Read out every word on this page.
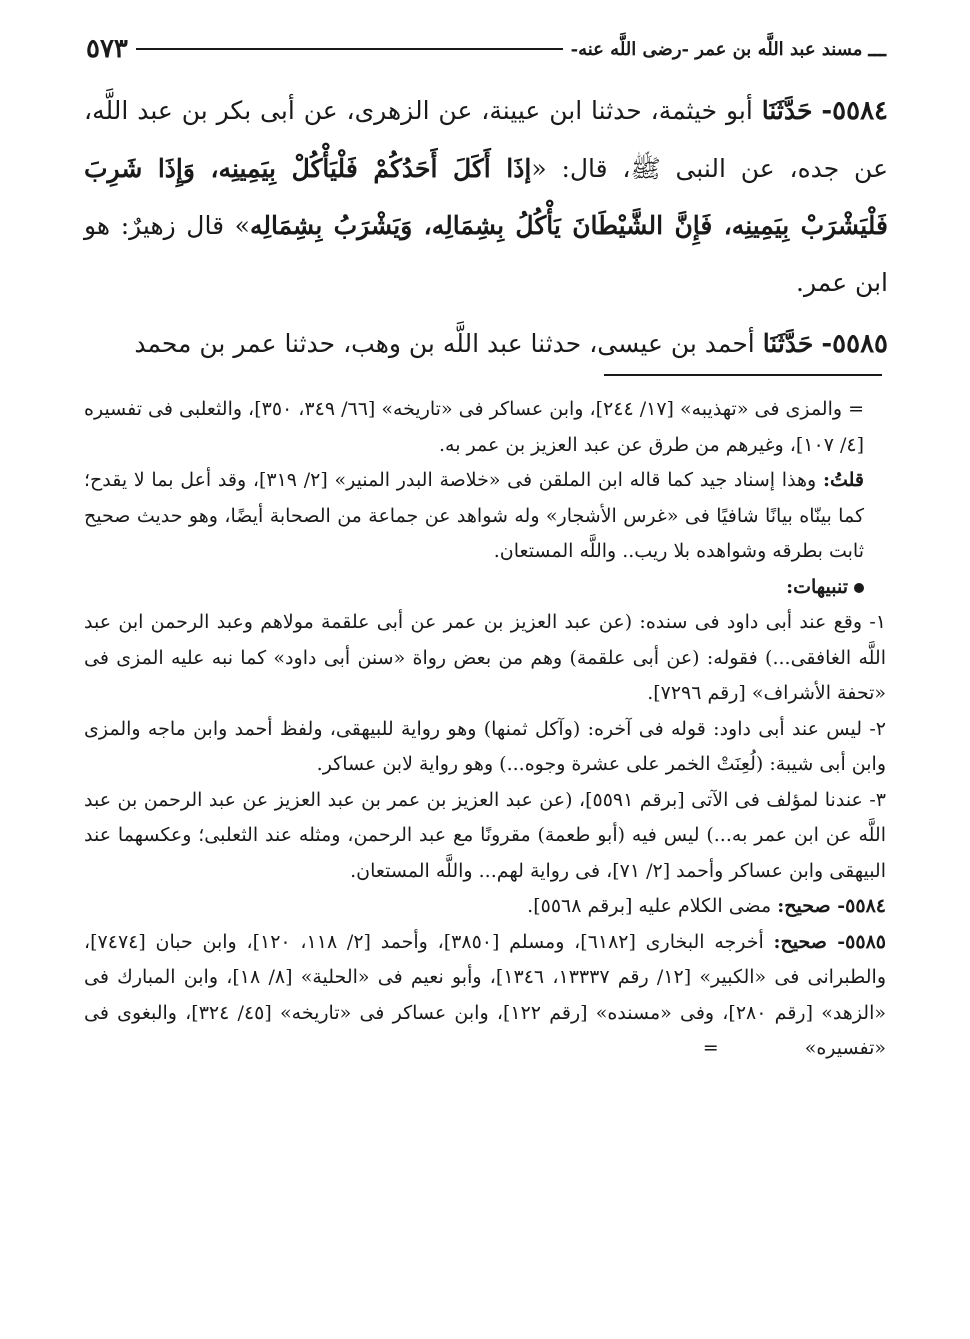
ـــ
مسند عبد اللَّه بن عمر -رضى اللَّه عنه-
٥٧٣

٥٥٨٤- حَدَّثَنَا أبو خيثمة، حدثنا ابن عيينة، عن الزهرى، عن أبى بكر بن عبد اللَّه، عن جده، عن النبى ﷺ، قال: «إذَا أَكَلَ أَحَدُكُمْ فَلْيَأْكُلْ بِيَمِينِه، وَإِذَا شَرِبَ فَلْيَشْرَبْ بِيَمِينِه، فَإِنَّ الشَّيْطَانَ يَأْكُلُ بِشِمَالِه، وَيَشْرَبُ بِشِمَالِه» قال زهيرٌ: هو ابن عمر.

٥٥٨٥- حَدَّثَنَا أحمد بن عيسى، حدثنا عبد اللَّه بن وهب، حدثنا عمر بن محمد

= والمزى فى «تهذيبه» [١٧/ ٢٤٤]، وابن عساكر فى «تاريخه» [٦٦/ ٣٤٩، ٣٥٠]، والثعلبى فى تفسيره [٤/ ١٠٧]، وغيرهم من طرق عن عبد العزيز بن عمر به.

قلتُ: وهذا إسناد جيد كما قاله ابن الملقن فى «خلاصة البدر المنير» [٢/ ٣١٩]، وقد أعل بما لا يقدح؛ كما بينّاه بيانًا شافيًا فى «غرس الأشجار» وله شواهد عن جماعة من الصحابة أيضًا، وهو حديث صحيح ثابت بطرقه وشواهده بلا ريب.. واللَّه المستعان.

تنبيهات:

١- وقع عند أبى داود فى سنده: (عن عبد العزيز بن عمر عن أبى علقمة مولاهم وعبد الرحمن ابن عبد اللَّه الغافقى...) فقوله: (عن أبى علقمة) وهم من بعض رواة «سنن أبى داود» كما نبه عليه المزى فى «تحفة الأشراف» [رقم ٧٢٩٦].

٢- ليس عند أبى داود: قوله فى آخره: (وآكل ثمنها) وهو رواية للبيهقى، ولفظ أحمد وابن ماجه والمزى وابن أبى شيبة: (لُعِنَتْ الخمر على عشرة وجوه...) وهو رواية لابن عساكر.

٣- عندنا لمؤلف فى الآتى [برقم ٥٥٩١]، (عن عبد العزيز بن عمر بن عبد العزيز عن عبد الرحمن بن عبد اللَّه عن ابن عمر به...) ليس فيه (أبو طعمة) مقرونًا مع عبد الرحمن، ومثله عند الثعلبى؛ وعكسهما عند البيهقى وابن عساكر وأحمد [٢/ ٧١]، فى رواية لهم... واللَّه المستعان.

٥٥٨٤- صحيح: مضى الكلام عليه [برقم ٥٥٦٨].

٥٥٨٥- صحيح: أخرجه البخارى [٦١٨٢]، ومسلم [٣٨٥٠]، وأحمد [٢/ ١١٨، ١٢٠]، وابن حبان [٧٤٧٤]، والطبرانى فى «الكبير» [١٢/ رقم ١٣٣٣٧، ١٣٤٦]، وأبو نعيم فى «الحلية» [٨/ ١٨]، وابن المبارك فى «الزهد» [رقم ٢٨٠]، وفى «مسنده» [رقم ١٢٢]، وابن عساكر فى «تاريخه» [٤٥/ ٣٢٤]، والبغوى فى «تفسيره» =
